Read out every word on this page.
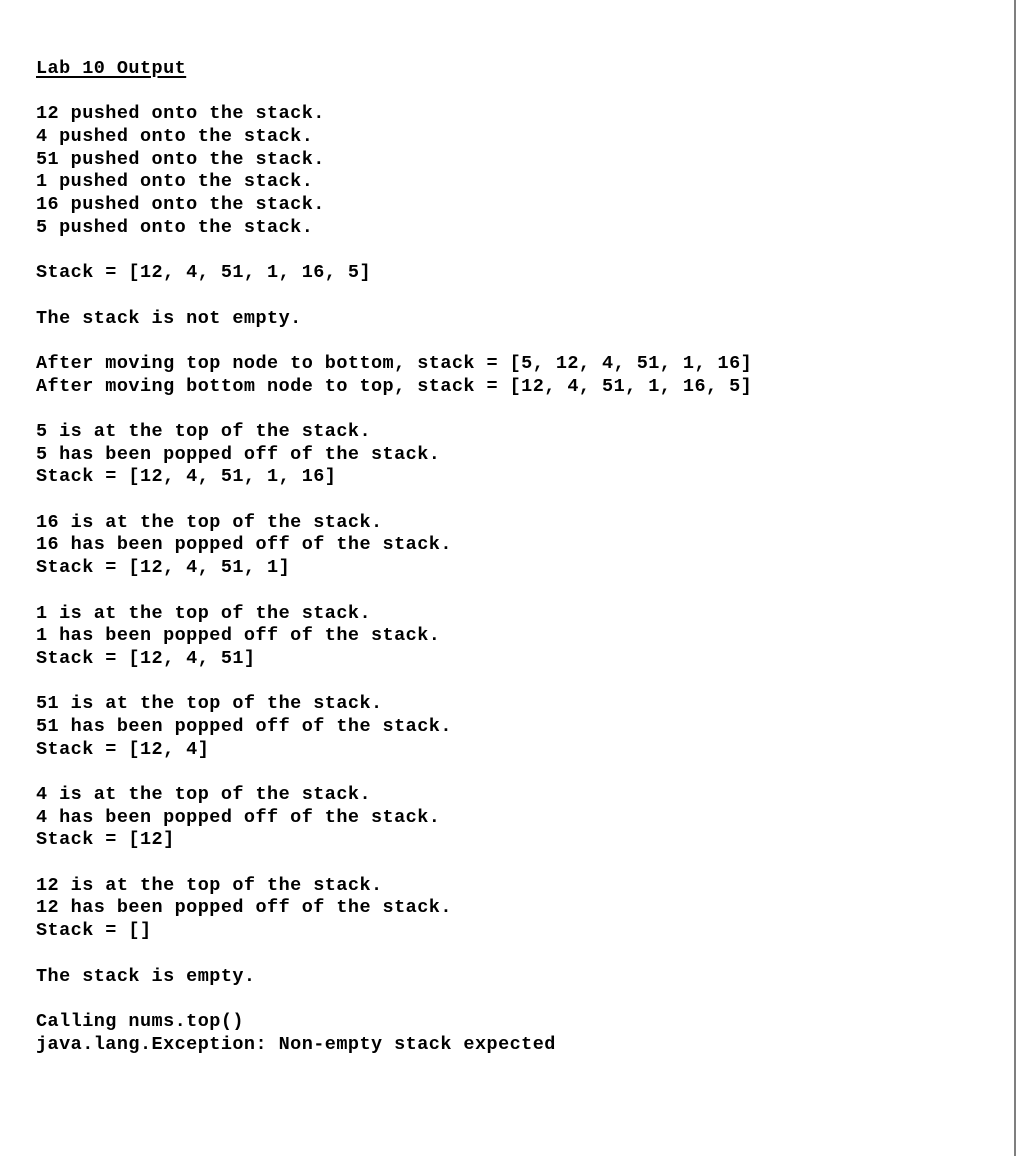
Lab 10 Output
12 pushed onto the stack.
4 pushed onto the stack.
51 pushed onto the stack.
1 pushed onto the stack.
16 pushed onto the stack.
5 pushed onto the stack.
Stack = [12, 4, 51, 1, 16, 5]
The stack is not empty.
After moving top node to bottom, stack = [5, 12, 4, 51, 1, 16]
After moving bottom node to top, stack = [12, 4, 51, 1, 16, 5]
5 is at the top of the stack.
5 has been popped off of the stack.
Stack = [12, 4, 51, 1, 16]
16 is at the top of the stack.
16 has been popped off of the stack.
Stack = [12, 4, 51, 1]
1 is at the top of the stack.
1 has been popped off of the stack.
Stack = [12, 4, 51]
51 is at the top of the stack.
51 has been popped off of the stack.
Stack = [12, 4]
4 is at the top of the stack.
4 has been popped off of the stack.
Stack = [12]
12 is at the top of the stack.
12 has been popped off of the stack.
Stack = []
The stack is empty.
Calling nums.top()
java.lang.Exception: Non-empty stack expected
